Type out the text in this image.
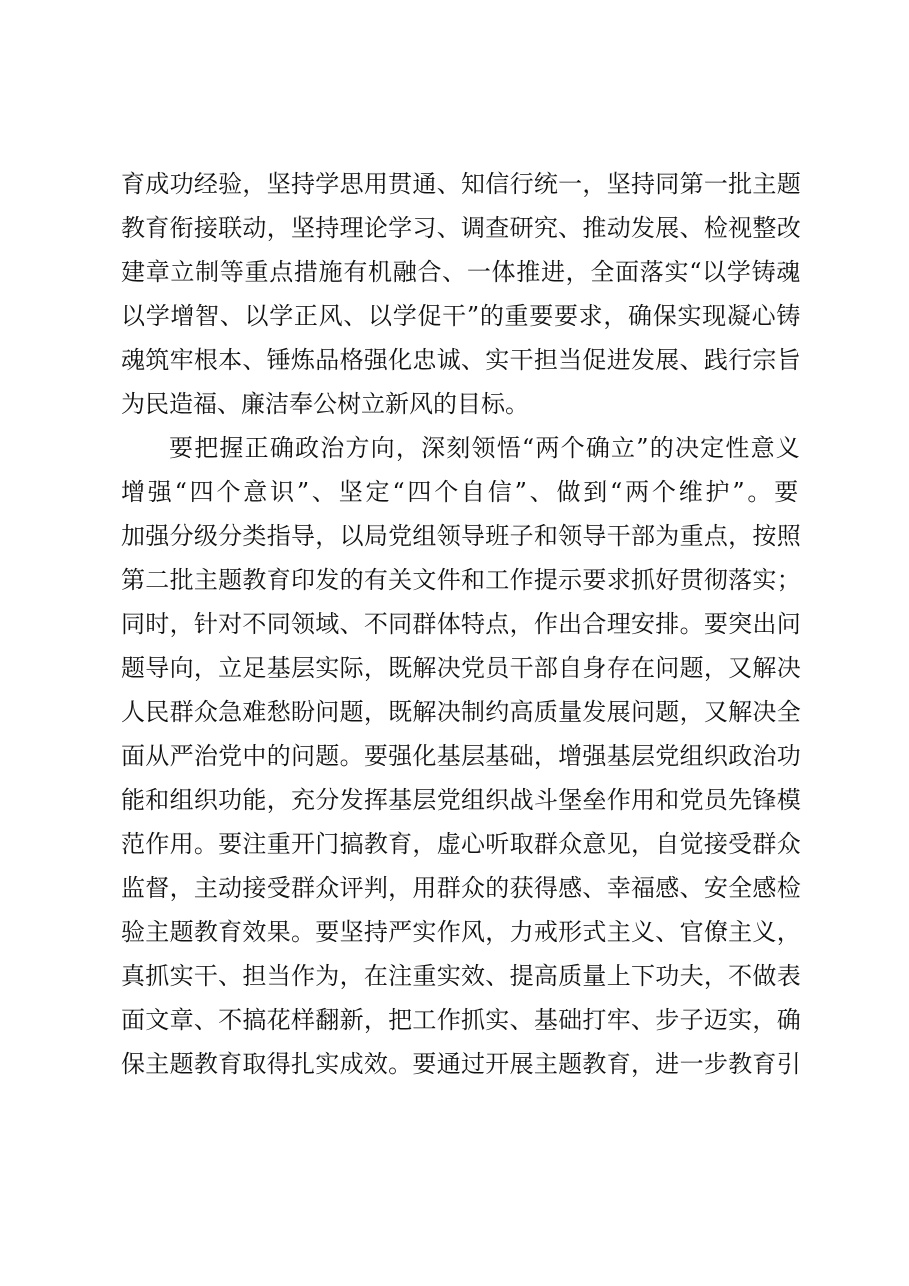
育成功经验，坚持学思用贯通、知信行统一，坚持同第一批主题
教育衔接联动，坚持理论学习、调查研究、推动发展、检视整改
建章立制等重点措施有机融合、一体推进，全面落实“以学铸魂
以学增智、以学正风、以学促干”的重要要求，确保实现凝心铸
魂筑牢根本、锤炼品格强化忠诚、实干担当促进发展、践行宗旨
为民造福、廉洁奉公树立新风的目标。
要把握正确政治方向，深刻领悟“两个确立”的决定性意义
增强“四个意识”、坚定“四个自信”、做到“两个维护”。要
加强分级分类指导，以局党组领导班子和领导干部为重点，按照
第二批主题教育印发的有关文件和工作提示要求抓好贯彻落实；
同时，针对不同领域、不同群体特点，作出合理安排。要突出问
题导向，立足基层实际，既解决党员干部自身存在问题，又解决
人民群众急难愁盼问题，既解决制约高质量发展问题，又解决全
面从严治党中的问题。要强化基层基础，增强基层党组织政治功
能和组织功能，充分发挥基层党组织战斗堡垒作用和党员先锋模
范作用。要注重开门搞教育，虚心听取群众意见，自觉接受群众
监督，主动接受群众评判，用群众的获得感、幸福感、安全感检
验主题教育效果。要坚持严实作风，力戒形式主义、官僚主义，
真抓实干、担当作为，在注重实效、提高质量上下功夫，不做表
面文章、不搞花样翻新，把工作抓实、基础打牢、步子迈实，确
保主题教育取得扎实成效。要通过开展主题教育，进一步教育引
